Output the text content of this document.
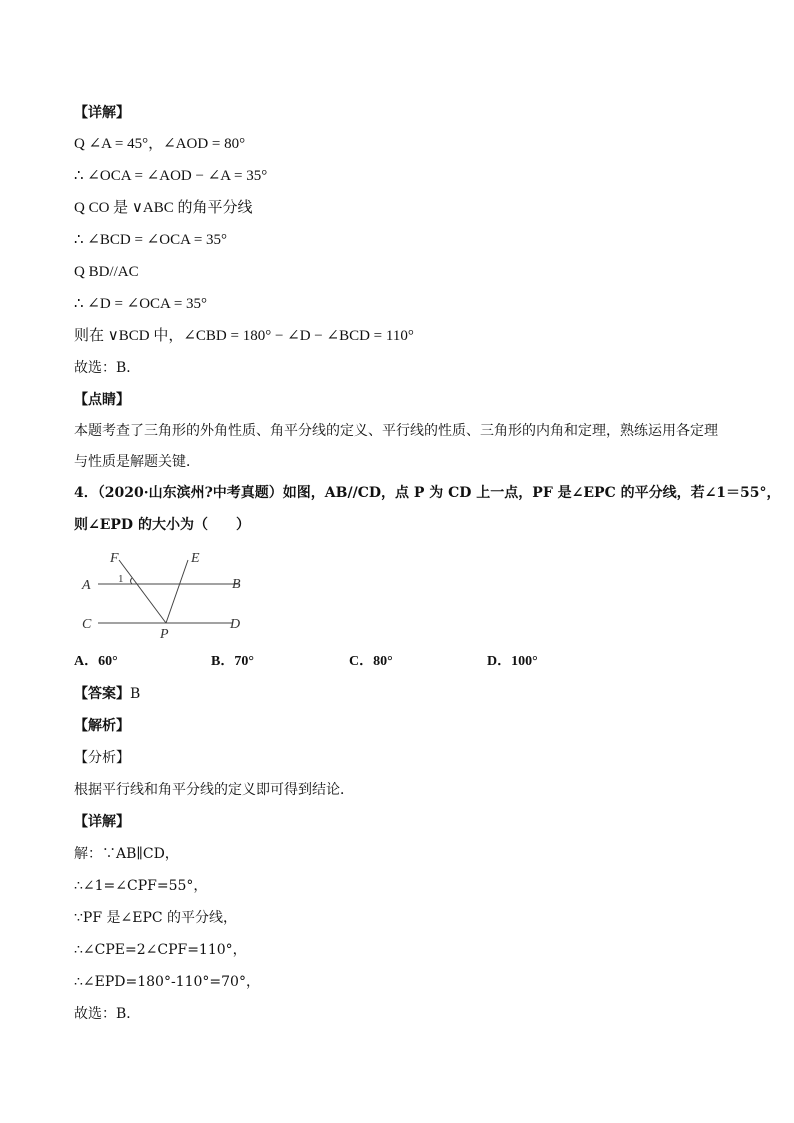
【详解】
Q ∠A = 45°，∠AOD = 80°
∴ ∠OCA = ∠AOD − ∠A = 35°
Q CO 是 ∨ABC 的角平分线
∴ ∠BCD = ∠OCA = 35°
Q BD//AC
∴ ∠D = ∠OCA = 35°
则在 ∨BCD 中，∠CBD = 180° − ∠D − ∠BCD = 110°
故选：B．
【点睛】
本题考查了三角形的外角性质、角平分线的定义、平行线的性质、三角形的内角和定理，熟练运用各定理
与性质是解题关键．
4．（2020·山东滨州?中考真题）如图，AB//CD，点 P 为 CD 上一点，PF 是∠EPC 的平分线，若∠1＝55°，
则∠EPD 的大小为（　　）
F	E
A	B
C	D
P
1
A．60°	B．70°	C．80°	D．100°
【答案】B
【解析】
【分析】
根据平行线和角平分线的定义即可得到结论．
【详解】
解：∵AB∥CD，
∴∠1=∠CPF=55°，
∵PF 是∠EPC 的平分线，
∴∠CPE=2∠CPF=110°，
∴∠EPD=180°-110°=70°，
故选：B．
